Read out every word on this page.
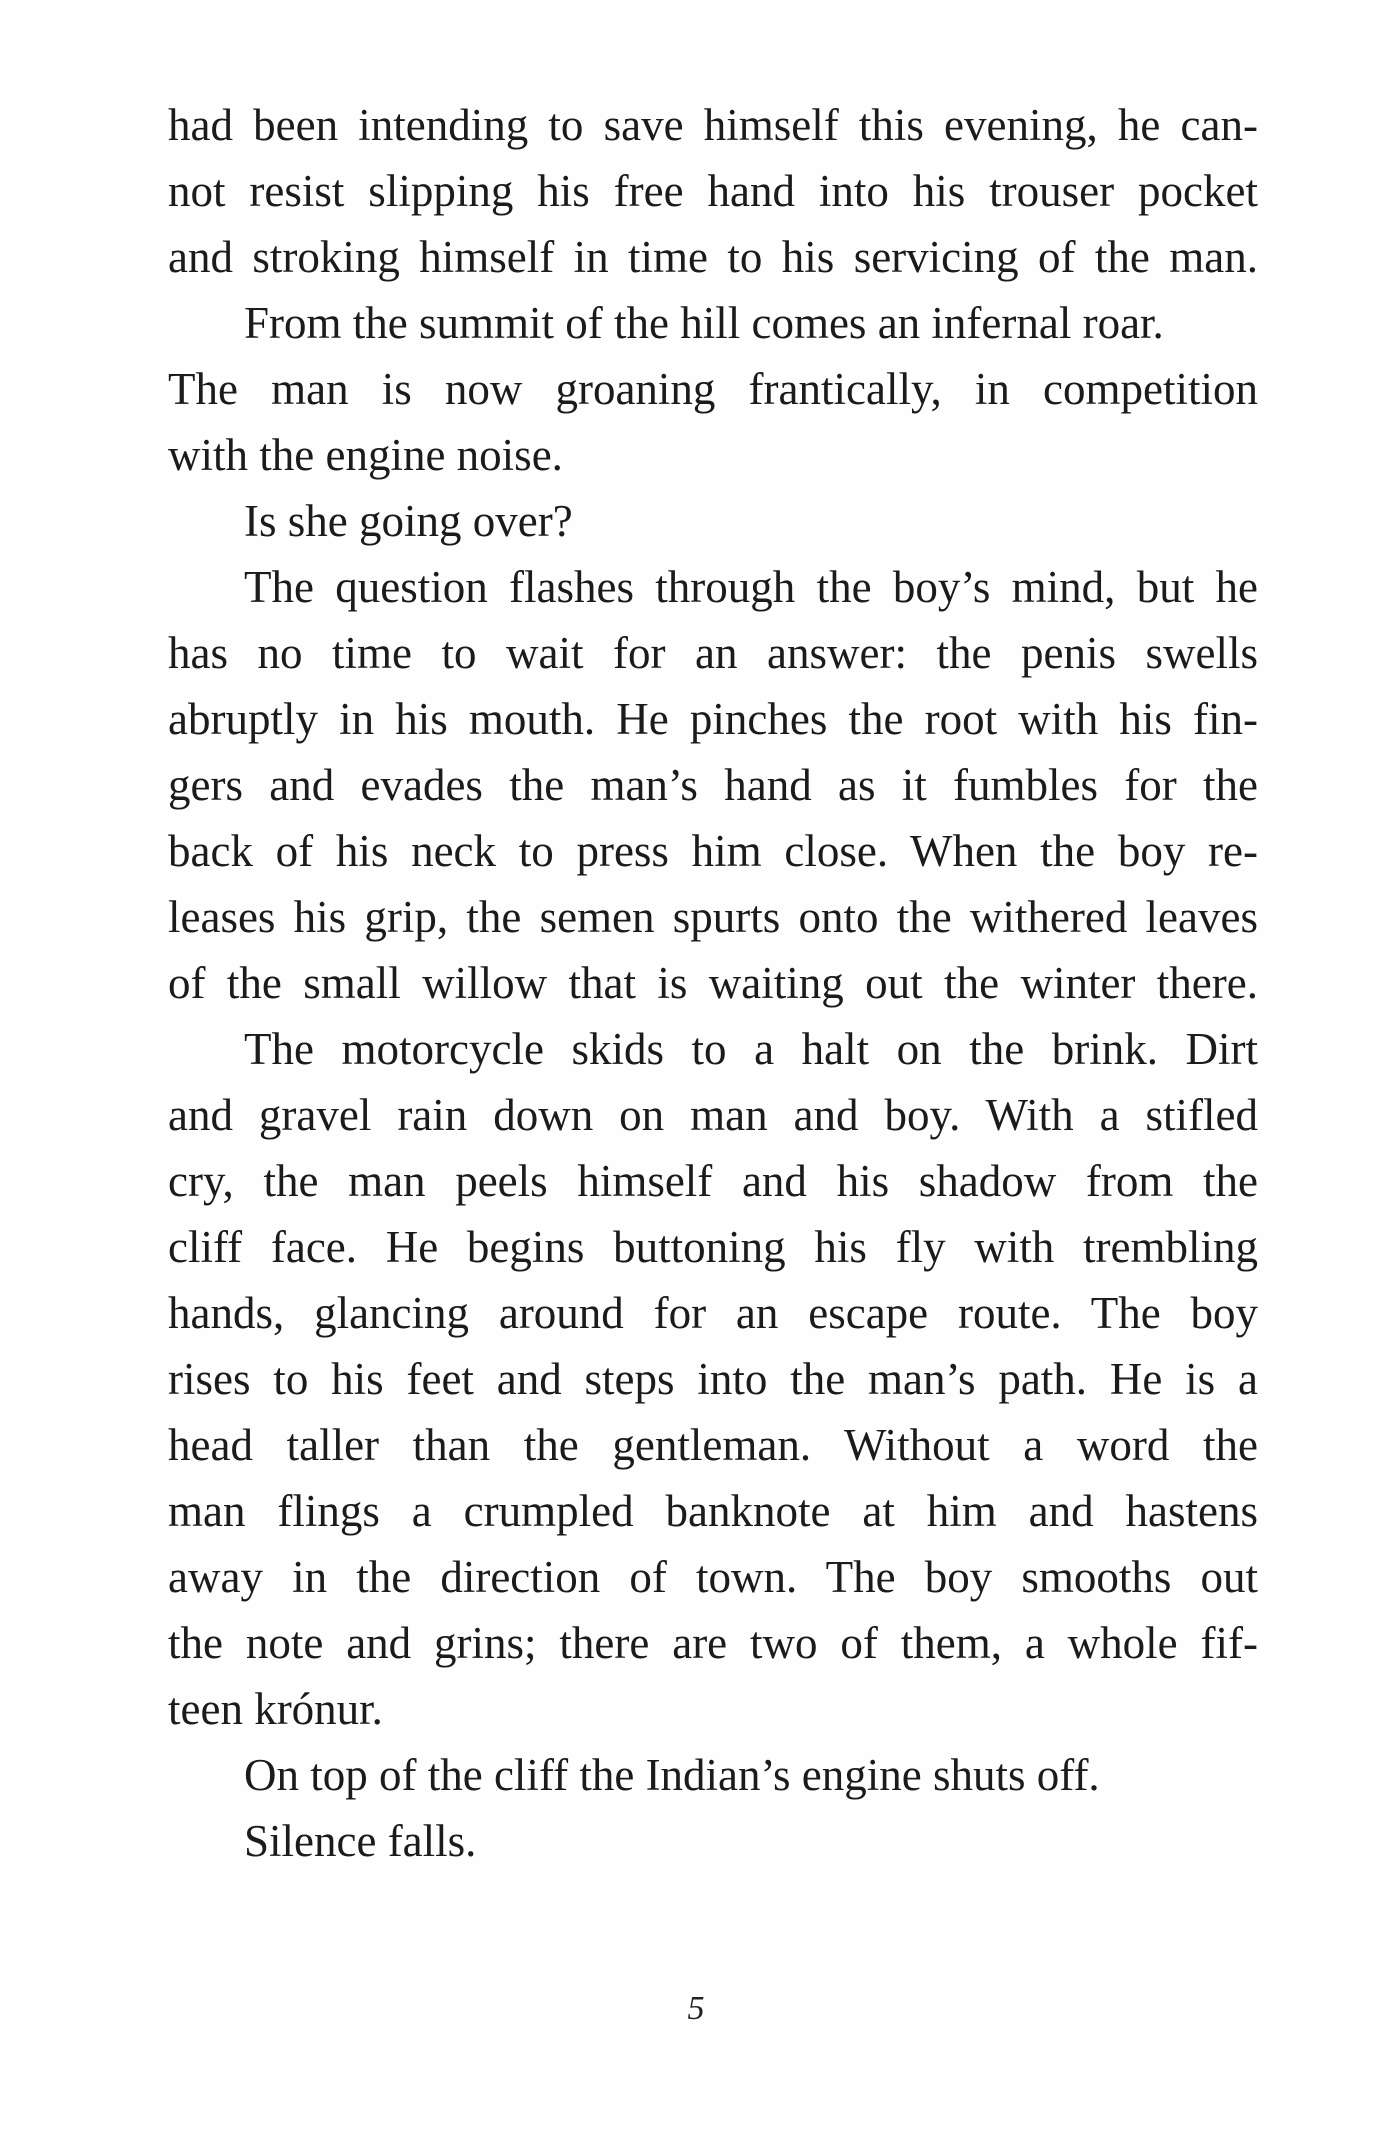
had been intending to save himself this evening, he can-
not resist slipping his free hand into his trouser pocket
and stroking himself in time to his servicing of the man.
From the summit of the hill comes an infernal roar.
The man is now groaning frantically, in competition
with the engine noise.
Is she going over?
The question flashes through the boy’s mind, but he
has no time to wait for an answer: the penis swells
abruptly in his mouth. He pinches the root with his fin-
gers and evades the man’s hand as it fumbles for the
back of his neck to press him close. When the boy re-
leases his grip, the semen spurts onto the withered leaves
of the small willow that is waiting out the winter there.
The motorcycle skids to a halt on the brink. Dirt
and gravel rain down on man and boy. With a stifled
cry, the man peels himself and his shadow from the
cliff face. He begins buttoning his fly with trembling
hands, glancing around for an escape route. The boy
rises to his feet and steps into the man’s path. He is a
head taller than the gentleman. Without a word the
man flings a crumpled banknote at him and hastens
away in the direction of town. The boy smooths out
the note and grins; there are two of them, a whole fif-
teen krónur.
On top of the cliff the Indian’s engine shuts off.
Silence falls.
5
